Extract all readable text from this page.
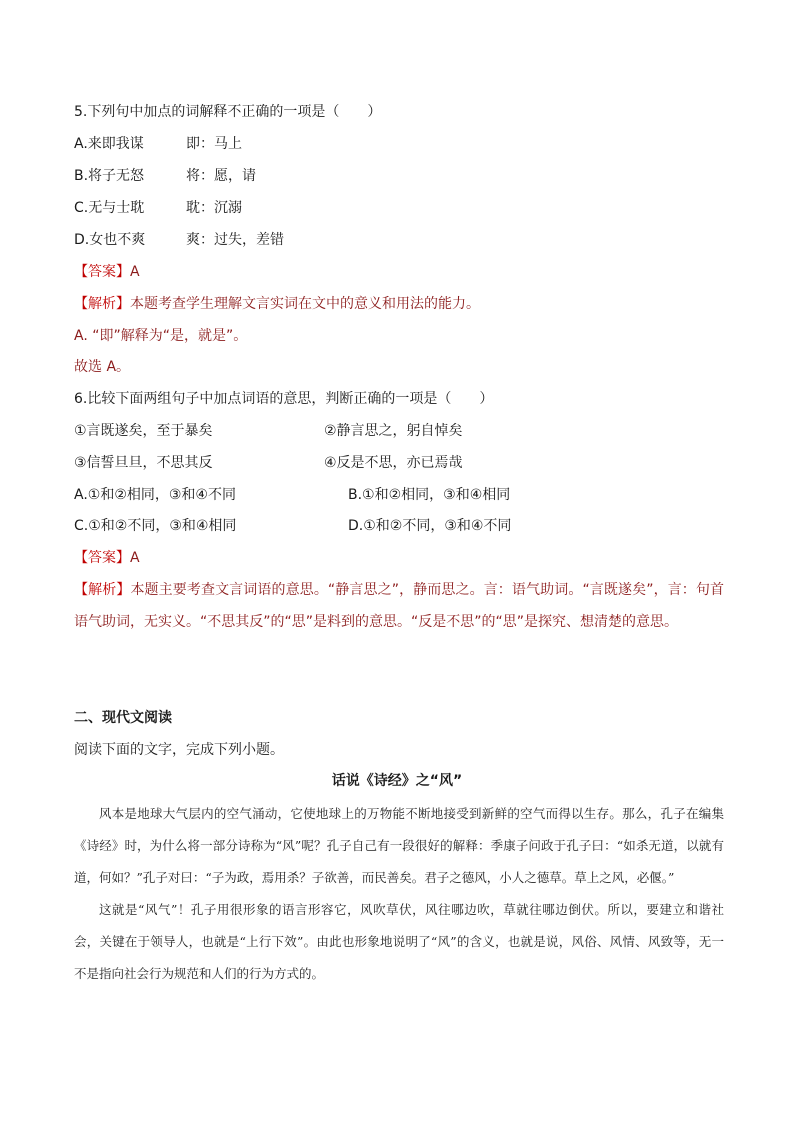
5.下列句中加点的词解释不正确的一项是（　　）
A.来即我谋	即：马上
B.将子无怒	将：愿，请
C.无与士耽	耽：沉溺
D.女也不爽	爽：过失，差错
【答案】A
【解析】本题考查学生理解文言实词在文中的意义和用法的能力。
A. “即”解释为“是，就是”。
故选 A。
6.比较下面两组句子中加点词语的意思，判断正确的一项是（　　）
①言既遂矣，至于暴矣	②静言思之，躬自悼矣
③信誓旦旦，不思其反	④反是不思，亦已焉哉
A.①和②相同，③和④不同	B.①和②相同，③和④相同
C.①和②不同，③和④相同	D.①和②不同，③和④不同
【答案】A
【解析】本题主要考查文言词语的意思。“静言思之”，静而思之。言：语气助词。“言既遂矣”，言：句首语气助词，无实义。“不思其反”的“思”是料到的意思。“反是不思”的“思”是探究、想清楚的意思。
二、现代文阅读
阅读下面的文字，完成下列小题。
话说《诗经》之“风”

风本是地球大气层内的空气涌动，它使地球上的万物能不断地接受到新鲜的空气而得以生存。那么，孔子在编集《诗经》时，为什么将一部分诗称为“风”呢？孔子自己有一段很好的解释：季康子问政于孔子曰：“如杀无道，以就有道，何如？”孔子对曰：“子为政，焉用杀？子欲善，而民善矣。君子之德风，小人之德草。草上之风，必偃。”

这就是“风气”！孔子用很形象的语言形容它，风吹草伏，风往哪边吹，草就往哪边倒伏。所以，要建立和谐社会，关键在于领导人，也就是“上行下效”。由此也形象地说明了“风”的含义，也就是说，风俗、风情、风致等，无一不是指向社会行为规范和人们的行为方式的。
